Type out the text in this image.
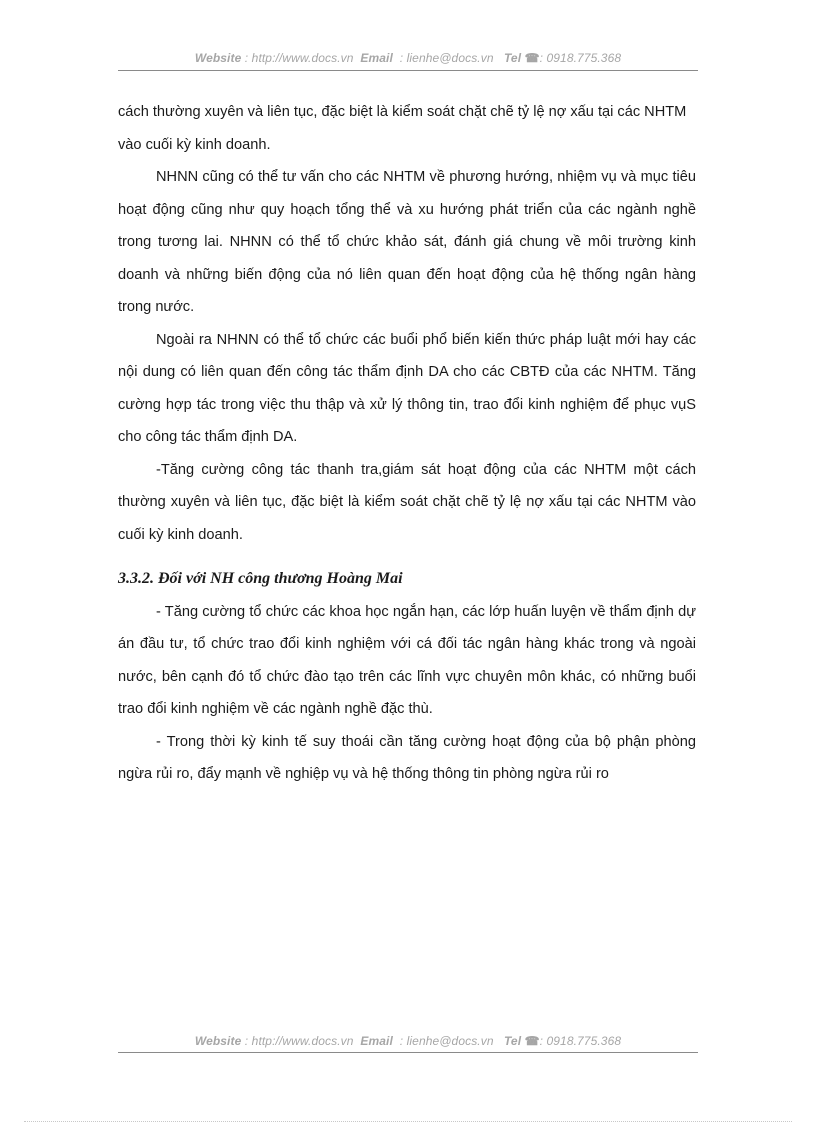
Website : http://www.docs.vn Email : lienhe@docs.vn Tel ☎: 0918.775.368

cách thường xuyên và liên tục, đặc biệt là kiểm soát chặt chẽ tỷ lệ nợ xấu tại các NHTM vào cuối kỳ kinh doanh.

NHNN cũng có thể tư vấn cho các NHTM về phương hướng, nhiệm vụ và mục tiêu hoạt động cũng như quy hoạch tổng thể và xu hướng phát triển của các ngành nghề trong tương lai. NHNN có thể tổ chức khảo sát, đánh giá chung về môi trường kinh doanh và những biến động của nó liên quan đến hoạt động của hệ thống ngân hàng trong nước.

Ngoài ra NHNN có thể tổ chức các buổi phổ biến kiến thức pháp luật mới hay các nội dung có liên quan đến công tác thẩm định DA cho các CBTĐ của các NHTM. Tăng cường hợp tác trong việc thu thập và xử lý thông tin, trao đổi kinh nghiệm để phục vụS cho công tác thẩm định DA.

-Tăng cường công tác thanh tra,giám sát hoạt động của các NHTM một cách thường xuyên và liên tục, đặc biệt là kiểm soát chặt chẽ tỷ lệ nợ xấu tại các NHTM vào cuối kỳ kinh doanh.

3.3.2. Đối với NH công thương Hoàng Mai

- Tăng cường tổ chức các khoa học ngắn hạn, các lớp huấn luyện về thẩm định dự án đầu tư, tổ chức trao đổi kinh nghiệm với cá đối tác ngân hàng khác trong và ngoài nước, bên cạnh đó tổ chức đào tạo trên các lĩnh vực chuyên môn khác, có những buổi trao đổi kinh nghiệm về các ngành nghề đặc thù.

- Trong thời kỳ kinh tế suy thoái cần tăng cường hoạt động của bộ phận phòng ngừa rủi ro, đẩy mạnh về nghiệp vụ và hệ thống thông tin phòng ngừa rủi ro

Website : http://www.docs.vn Email : lienhe@docs.vn Tel ☎: 0918.775.368
